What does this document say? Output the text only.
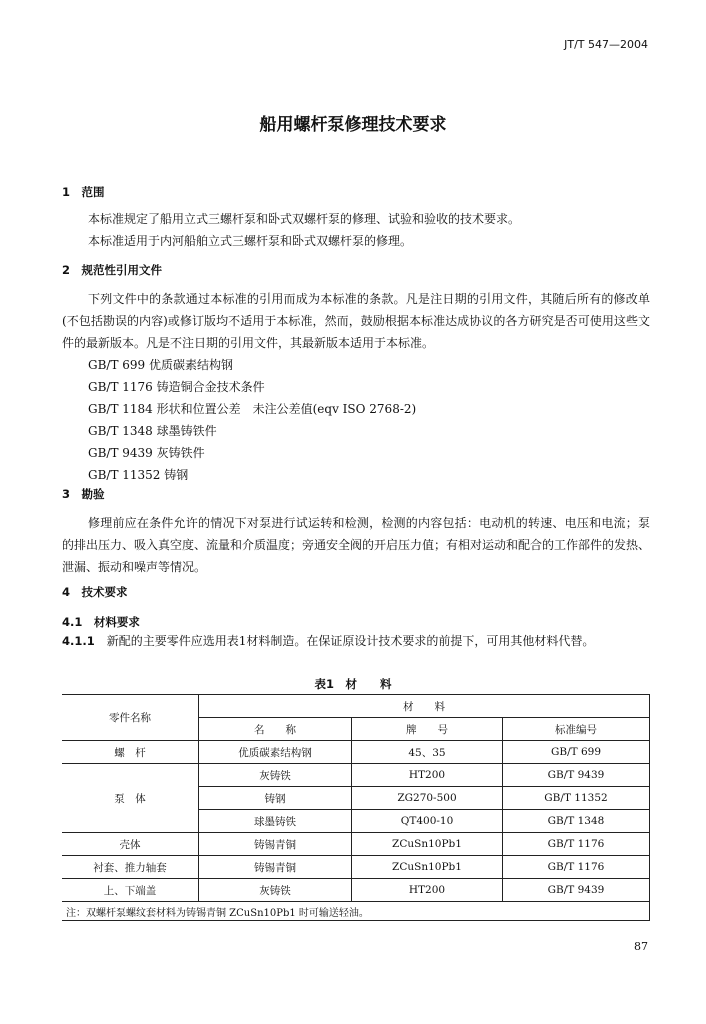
JT/T 547—2004
船用螺杆泵修理技术要求
1　 范围
本标准规定了船用立式三螺杆泵和卧式双螺杆泵的修理、试验和验收的技术要求。
本标准适用于内河船舶立式三螺杆泵和卧式双螺杆泵的修理。
2　 规范性引用文件
下列文件中的条款通过本标准的引用而成为本标准的条款。凡是注日期的引用文件，其随后所有的修改单(不包括勘误的内容)或修订版均不适用于本标准，然而，鼓励根据本标准达成协议的各方研究是否可使用这些文件的最新版本。凡是不注日期的引用文件，其最新版本适用于本标准。
GB/T 699 优质碳素结构钢
GB/T 1176 铸造铜合金技术条件
GB/T 1184 形状和位置公差　未注公差值(eqv ISO 2768-2)
GB/T 1348 球墨铸铁件
GB/T 9439 灰铸铁件
GB/T 11352 铸钢
3　 勘验
修理前应在条件允许的情况下对泵进行试运转和检测，检测的内容包括：电动机的转速、电压和电流；泵的排出压力、吸入真空度、流量和介质温度；旁通安全阀的开启压力值；有相对运动和配合的工作部件的发热、泄漏、振动和噪声等情况。
4　 技术要求
4.1　 材料要求
4.1.1　 新配的主要零件应选用表1材料制造。在保证原设计技术要求的前提下，可用其他材料代替。
表1　材　　料
零件名称	材　　料		
	名　　称	牌　　号	标准编号
螺　杆	优质碳素结构钢	45、35	GB/T 699
泵　体	灰铸铁	HT200	GB/T 9439
	铸钢	ZG270-500	GB/T 11352
	球墨铸铁	QT400-10	GB/T 1348
壳体	铸锡青铜	ZCuSn10Pb1	GB/T 1176
衬套、推力轴套	铸锡青铜	ZCuSn10Pb1	GB/T 1176
上、下端盖	灰铸铁	HT200	GB/T 9439
注：双螺杆泵螺纹套材料为铸锡青铜 ZCuSn10Pb1 时可输送轻油。			
87
